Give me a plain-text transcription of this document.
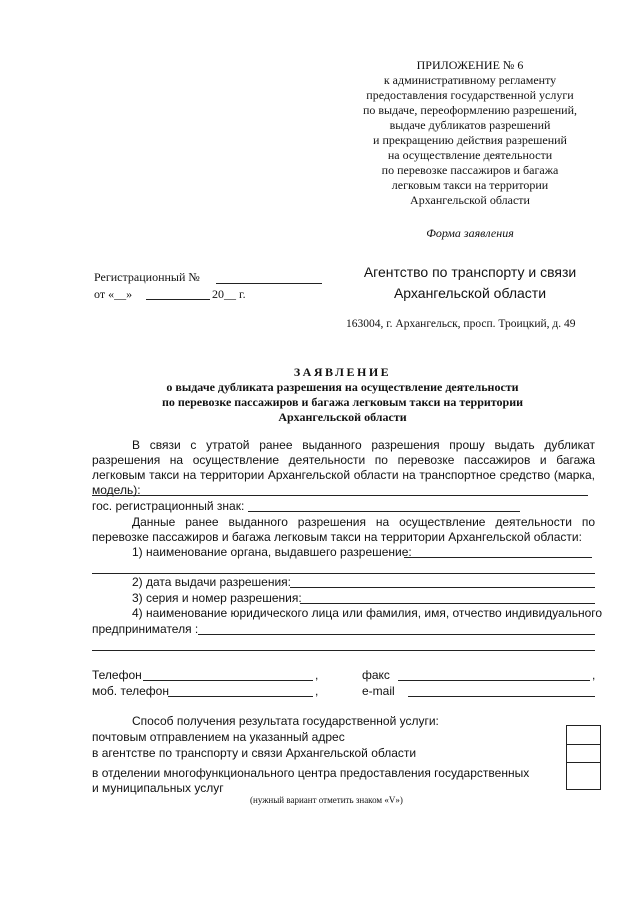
ПРИЛОЖЕНИЕ № 6
к административному регламенту
предоставления государственной услуги
по выдаче, переоформлению разрешений,
выдаче дубликатов разрешений
и прекращению действия разрешений
на осуществление деятельности
по перевозке пассажиров и багажа
легковым такси на территории
Архангельской области
Форма заявления
Регистрационный №
от «__»	20__ г.
Агентство по транспорту и связи
Архангельской области
163004, г. Архангельск, просп. Троицкий, д. 49
ЗАЯВЛЕНИЕ
о выдаче дубликата разрешения на осуществление деятельности
по перевозке пассажиров и багажа легковым такси на территории
Архангельской области
В связи с утратой ранее выданного разрешения прошу выдать дубликат разрешения на осуществление деятельности по перевозке пассажиров и багажа легковым такси на территории Архангельской области на транспортное средство (марка, модель):
гос. регистрационный знак:
Данные ранее выданного разрешения на осуществление деятельности по перевозке пассажиров и багажа легковым такси на территории Архангельской области:
1) наименование органа, выдавшего разрешение:
2) дата выдачи разрешения:
3) серия и номер разрешения:
4) наименование юридического лица или фамилия, имя, отчество индивидуального
предпринимателя :
Телефон	,
моб. телефон	,
факс	,
e-mail
Способ получения результата государственной услуги:
почтовым отправлением на указанный адрес
в агентстве по транспорту и связи Архангельской области
в отделении многофункционального центра предоставления государственных
и муниципальных услуг
(нужный вариант отметить знаком «V»)
